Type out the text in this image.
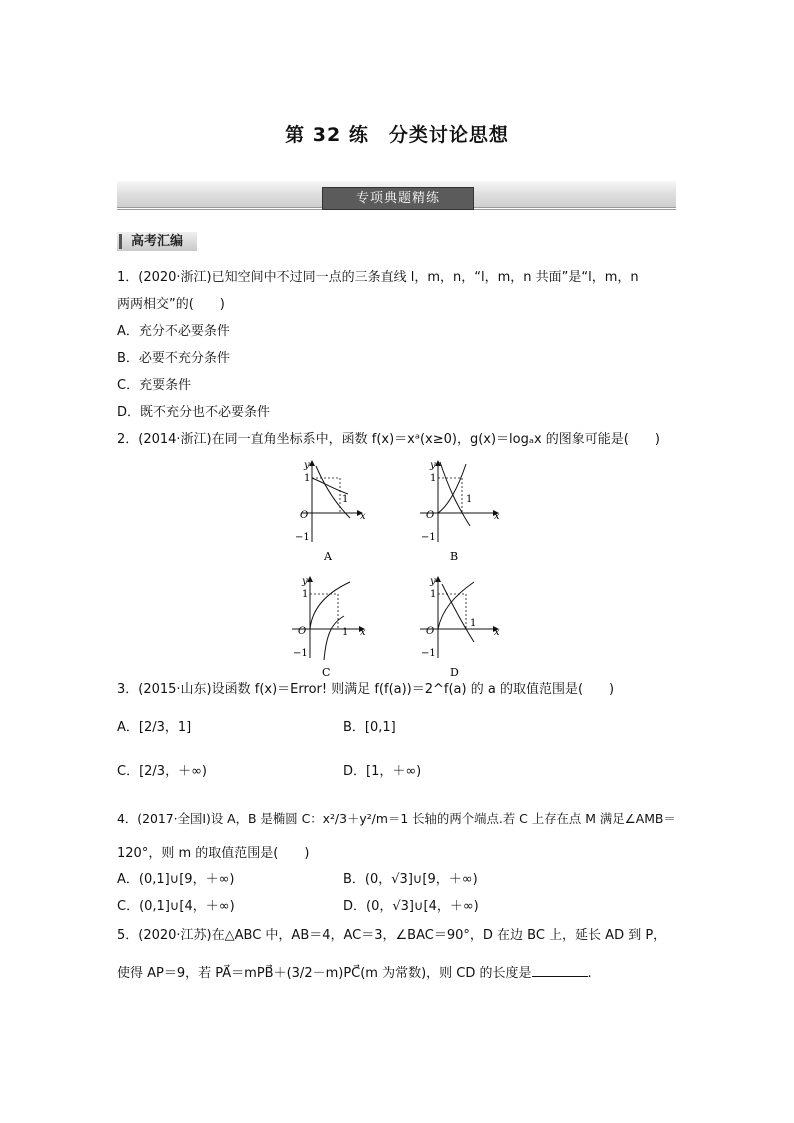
第 32 练　分类讨论思想
专项典题精练
高考汇编
1．(2020·浙江)已知空间中不过同一点的三条直线 l，m，n，“l，m，n 共面”是“l，m，n
两两相交”的(　　)
A．充分不必要条件
B．必要不充分条件
C．充要条件
D．既不充分也不必要条件
2．(2014·浙江)在同一直角坐标系中，函数 f(x)＝xᵃ(x≥0)，g(x)＝logₐx 的图象可能是(　　)
y
x
O
1
−1
1
A
y
x
O
1
−1
1
B
y
x
O
1
−1
1
C
y
x
O
1
−1
1
D
3．(2015·山东)设函数 f(x)＝Error! 则满足 f(f(a))＝2^f(a) 的 a 的取值范围是(　　)
A．[2/3，1]	B．[0,1]
C．[2/3，＋∞)	D．[1，＋∞)
4．(2017·全国Ⅰ)设 A，B 是椭圆 C：x²/3＋y²/m＝1 长轴的两个端点.若 C 上存在点 M 满足∠AMB＝
120°，则 m 的取值范围是(　　)
A．(0,1]∪[9，＋∞)	B．(0，√3]∪[9，＋∞)
C．(0,1]∪[4，＋∞)	D．(0，√3]∪[4，＋∞)
5．(2020·江苏)在△ABC 中，AB＝4，AC＝3，∠BAC＝90°，D 在边 BC 上，延长 AD 到 P，
使得 AP＝9，若 PA⃗＝mPB⃗＋(3/2－m)PC⃗(m 为常数)，则 CD 的长度是	.
